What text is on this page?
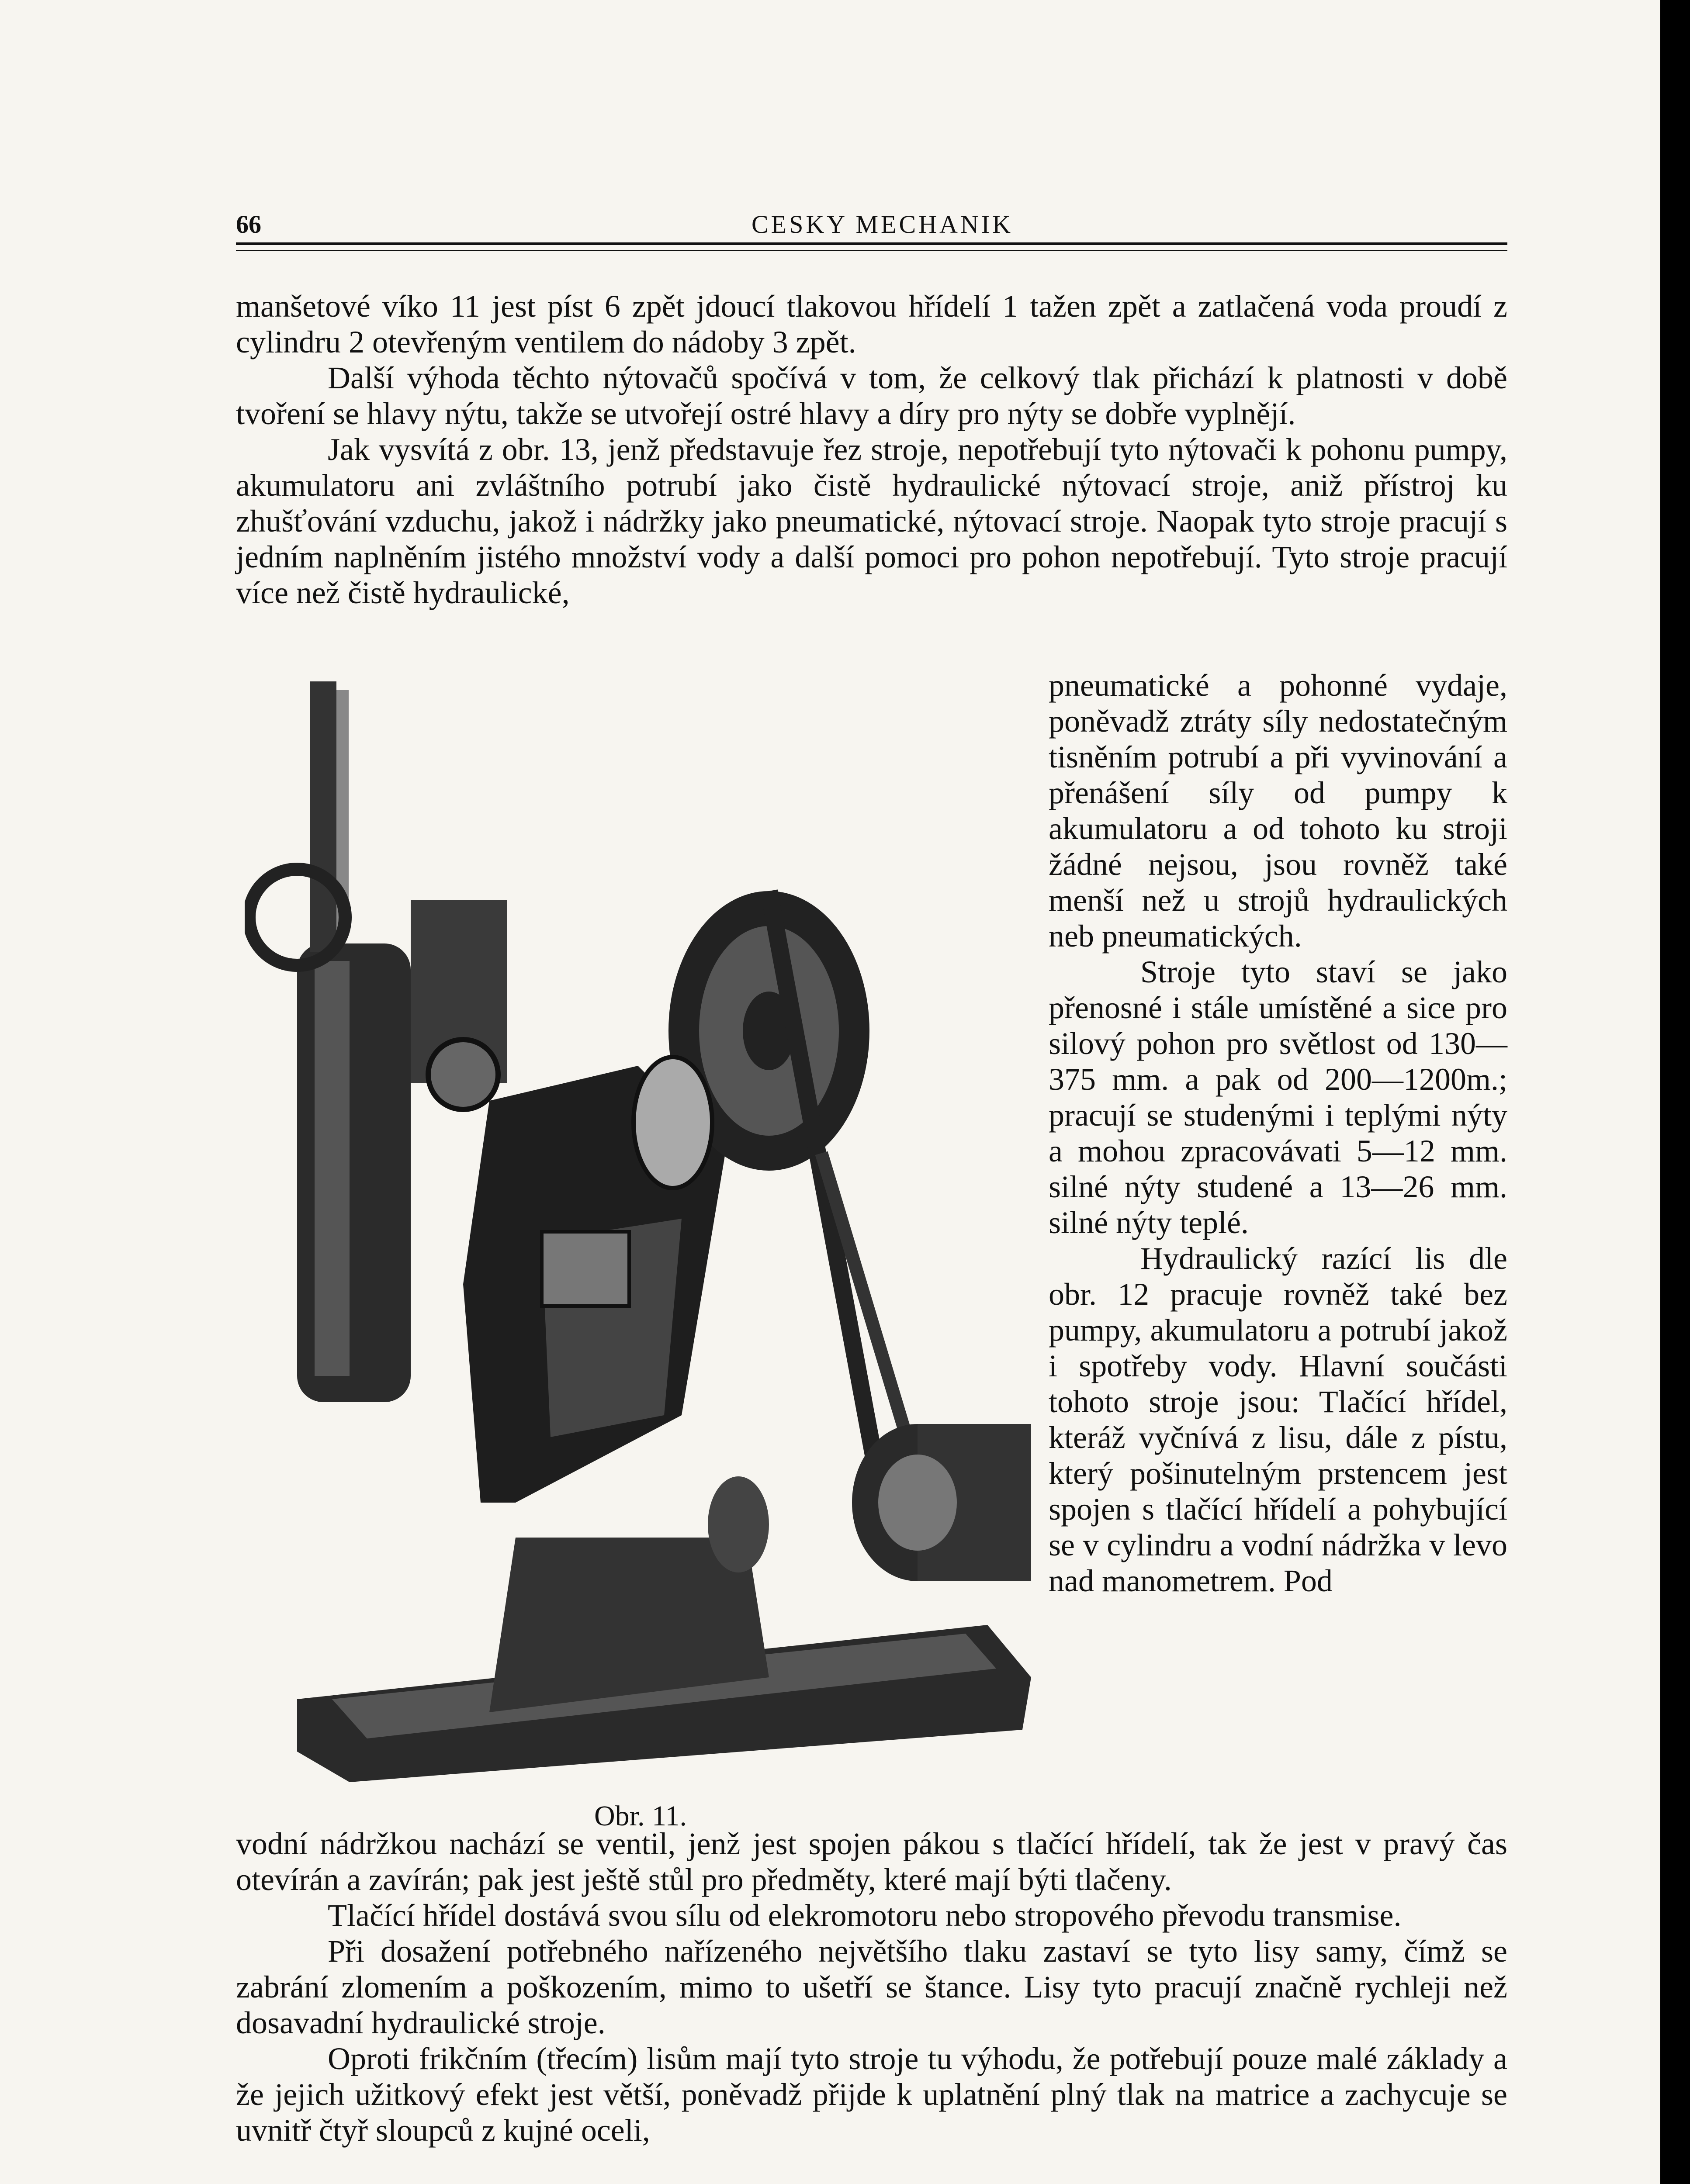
66	CESKY MECHANIK

manšetové víko 11 jest píst 6 zpět jdoucí tlakovou hřídelí 1 tažen zpět a zatlačená voda proudí z cylindru 2 otevřeným ventilem do nádoby 3 zpět.

Další výhoda těchto nýtovačů spočívá v tom, že celkový tlak přichází k platnosti v době tvoření se hlavy nýtu, takže se utvořejí ostré hlavy a díry pro nýty se dobře vyplnějí.

Jak vysvítá z obr. 13, jenž představuje řez stroje, nepotřebují tyto nýtovači k pohonu pumpy, akumulatoru ani zvláštního potrubí jako čistě hydraulické nýtovací stroje, aniž přístroj ku zhušťování vzduchu, jakož i nádržky jako pneumatické, nýtovací stroje. Naopak tyto stroje pracují s jedním naplněním jistého množství vody a další pomoci pro pohon nepotřebují. Tyto stroje pracují více než čistě hydraulické,

Obr. 11.

pneumatické a pohonné vydaje, poněvadž ztráty síly nedostatečným tisněním potrubí a při vyvinování a přenášení síly od pumpy k akumulatoru a od tohoto ku stroji žádné nejsou, jsou rovněž také menší než u strojů hydraulických neb pneumatických.

Stroje tyto staví se jako přenosné i stále umístěné a sice pro silový pohon pro světlost od 130—375 mm. a pak od 200—1200m.; pracují se studenými i teplými nýty a mohou zpracovávati 5—12 mm. silné nýty studené a 13—26 mm. silné nýty teplé.

Hydraulický razící lis dle obr. 12 pracuje rovněž také bez pumpy, akumulatoru a potrubí jakož i spotřeby vody. Hlavní součásti tohoto stroje jsou: Tlačící hřídel, kteráž vyčnívá z lisu, dále z pístu, který pošinutelným prstencem jest spojen s tlačící hřídelí a pohybující se v cylindru a vodní nádržka v levo nad manometrem. Pod

vodní nádržkou nachází se ventil, jenž jest spojen pákou s tlačící hřídelí, tak že jest v pravý čas otevírán a zavírán; pak jest ještě stůl pro předměty, které mají býti tlačeny.

Tlačící hřídel dostává svou sílu od elekromotoru nebo stropového převodu transmise.

Při dosažení potřebného nařízeného největšího tlaku zastaví se tyto lisy samy, čímž se zabrání zlomením a poškozením, mimo to ušetří se štance. Lisy tyto pracují značně rychleji než dosavadní hydraulické stroje.

Oproti frikčním (třecím) lisům mají tyto stroje tu výhodu, že potřebují pouze malé základy a že jejich užitkový efekt jest větší, poněvadž přijde k uplatnění plný tlak na matrice a zachycuje se uvnitř čtyř sloupců z kujné oceli,
